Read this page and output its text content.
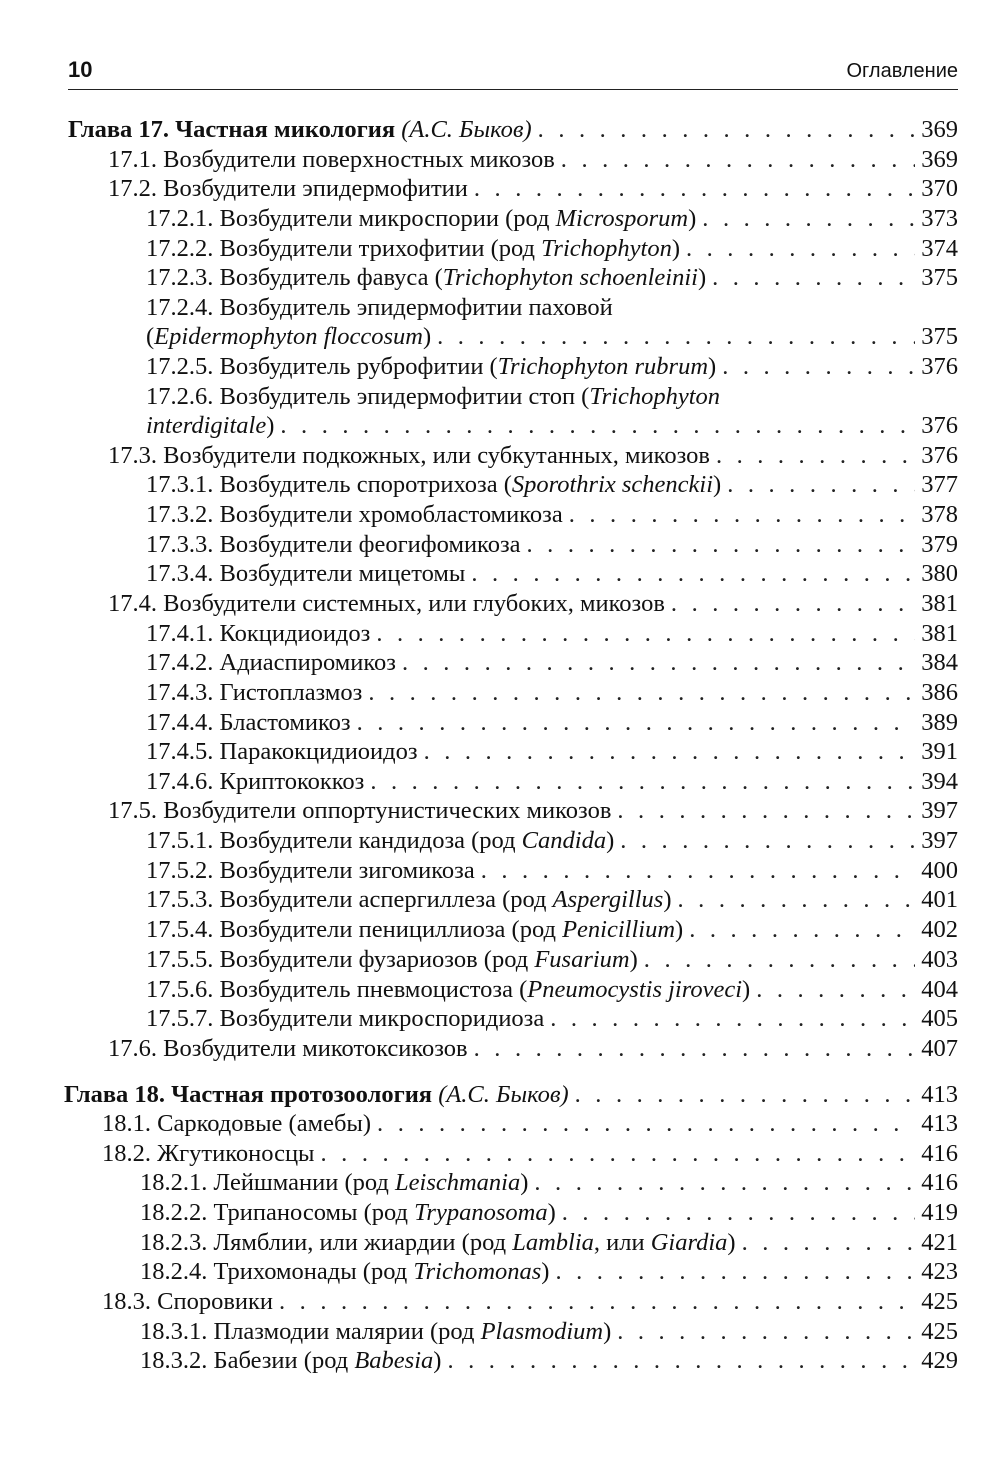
10	Оглавление
Глава 17. Частная микология (А.С. Быков) . . .	369
17.1. Возбудители поверхностных микозов . . .	369
17.2. Возбудители эпидермофитии . . .	370
17.2.1. Возбудители микроспории (род Microsporum) . . .	373
17.2.2. Возбудители трихофитии (род Trichophyton) . . .	374
17.2.3. Возбудитель фавуса (Trichophyton schoenleinii) . . .	375
17.2.4. Возбудитель эпидермофитии паховой
(Epidermophyton floccosum) . . .	375
17.2.5. Возбудитель руброфитии (Trichophyton rubrum) . . .	376
17.2.6. Возбудитель эпидермофитии стоп (Trichophyton
interdigitale) . . .	376
17.3. Возбудители подкожных, или субкутанных, микозов . . .	376
17.3.1. Возбудитель споротрихоза (Sporothrix schenckii) . . .	377
17.3.2. Возбудители хромобластомикоза . . .	378
17.3.3. Возбудители феогифомикоза . . .	379
17.3.4. Возбудители мицетомы . . .	380
17.4. Возбудители системных, или глубоких, микозов . . .	381
17.4.1. Кокцидиоидоз . . .	381
17.4.2. Адиаспиромикоз . . .	384
17.4.3. Гистоплазмоз . . .	386
17.4.4. Бластомикоз . . .	389
17.4.5. Паракокцидиоидоз . . .	391
17.4.6. Криптококкоз . . .	394
17.5. Возбудители оппортунистических микозов . . .	397
17.5.1. Возбудители кандидоза (род Candida) . . .	397
17.5.2. Возбудители зигомикоза . . .	400
17.5.3. Возбудители аспергиллеза (род Aspergillus) . . .	401
17.5.4. Возбудители пенициллиоза (род Penicillium) . . .	402
17.5.5. Возбудители фузариозов (род Fusarium) . . .	403
17.5.6. Возбудитель пневмоцистоза (Pneumocystis jiroveci) . . .	404
17.5.7. Возбудители микроспоридиоза . . .	405
17.6. Возбудители микотоксикозов . . .	407
Глава 18. Частная протозоология (А.С. Быков) . . .	413
18.1. Саркодовые (амебы) . . .	413
18.2. Жгутиконосцы . . .	416
18.2.1. Лейшмании (род Leischmania) . . .	416
18.2.2. Трипаносомы (род Trypanosoma) . . .	419
18.2.3. Лямблии, или жиардии (род Lamblia, или Giardia) . . .	421
18.2.4. Трихомонады (род Trichomonas) . . .	423
18.3. Споровики . . .	425
18.3.1. Плазмодии малярии (род Plasmodium) . . .	425
18.3.2. Бабезии (род Babesia) . . .	429
